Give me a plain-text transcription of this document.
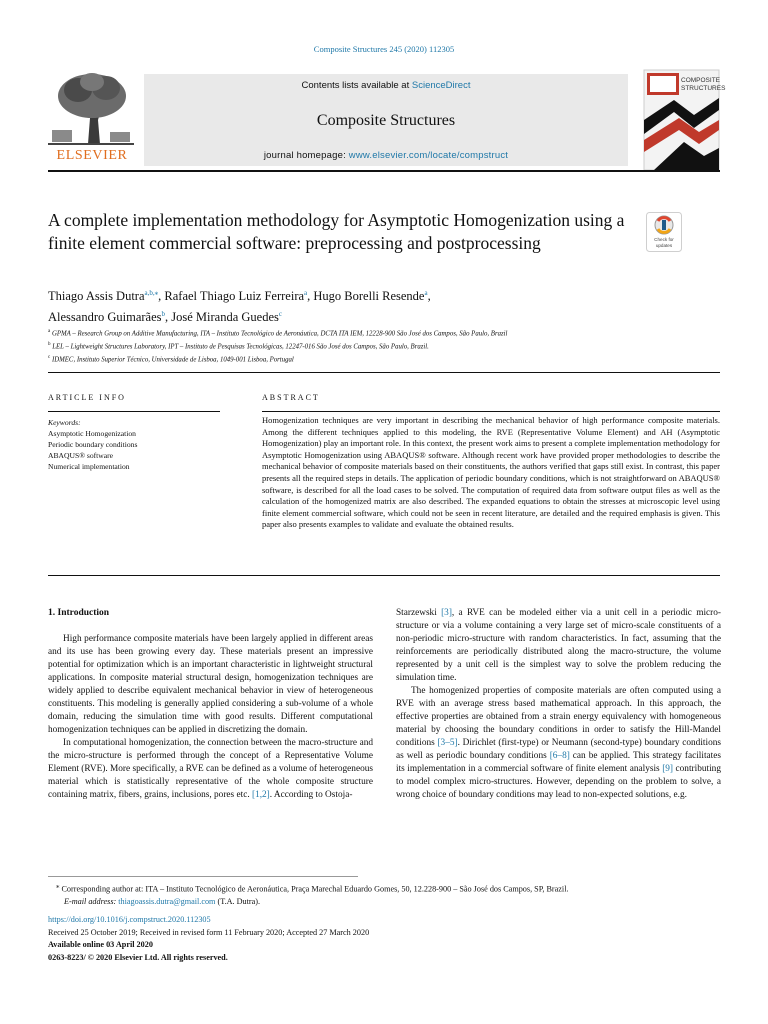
Composite Structures 245 (2020) 112305
ELSEVIER
Contents lists available at ScienceDirect
Composite Structures
journal homepage: www.elsevier.com/locate/compstruct
COMPOSITE
STRUCTURES
A complete implementation methodology for Asymptotic Homogenization using a finite element commercial software: preprocessing and postprocessing	Check for
updates
Thiago Assis Dutra$^{a,b,⁎}$, Rafael Thiago Luiz Ferreira$^a$, Hugo Borelli Resende$^a$,
Alessandro Guimarães$^b$, José Miranda Guedes$^c$
$^a$ GPMA – Research Group on Additive Manufacturing, ITA – Instituto Tecnológico de Aeronáutica, DCTA ITA IEM, 12228-900 São José dos Campos, São Paulo, Brazil
$^b$ LEL – Lightweight Structures Laboratory, IPT – Instituto de Pesquisas Tecnológicas, 12247-016 São José dos Campos, São Paulo, Brazil.
$^c$ IDMEC, Instituto Superior Técnico, Universidade de Lisboa, 1049-001 Lisboa, Portugal
ARTICLE INFO
Keywords:
Asymptotic Homogenization
Periodic boundary conditions
ABAQUS® software
Numerical implementation
ABSTRACT
Homogenization techniques are very important in describing the mechanical behavior of high performance composite materials. Among the different techniques applied to this modeling, the RVE (Representative Volume Element) and AH (Asymptotic Homogenization) play an important role. In this context, the present work aims to present a complete implementation methodology for Asymptotic Homogenization using ABAQUS® software. Although recent work have provided proper methodologies to describe the mechanical behavior of composite materials based on their constituents, the authors verified that gaps still exist. In contrast, this paper presents all the required steps in details. The application of periodic boundary conditions, which is not straightforward on ABAQUS® software, is described for all the load cases to be solved. The computation of required data from software output files as well as the calculation of the homogenized matrix are also described. The expanded equations to obtain the stresses at microscopic level using finite element commercial software, which could not be seen in recent literature, are detailed and the required emphasis is given. This paper also presents examples to validate and evaluate the obtained results.
1. Introduction

High performance composite materials have been largely applied in different areas and its use has been growing every day. These materials present an impressive potential for optimization which is an important characteristic in lightweight structural applications. In composite material structural design, homogenization techniques are widely applied to describe equivalent mechanical behavior in view of heterogeneous constituents. This modeling is generally applied considering a sub-volume of a whole domain, reducing the simulation time with good results. Different computational homogenization techniques can be applied in discretizing the domain.

In computational homogenization, the connection between the macro-structure and the micro-structure is performed through the concept of a Representative Volume Element (RVE). More specifically, a RVE can be defined as a volume of heterogeneous material which is statistically representative of the whole composite structure containing matrix, fibers, grains, inclusions, pores etc. [1,2]. According to Ostoja-

Starzewski [3], a RVE can be modeled either via a unit cell in a periodic micro-structure or via a volume containing a very large set of micro-scale constituents of a non-periodic micro-structure with random characteristics. In fact, assuming that the reinforcements are periodically distributed along the macro-structure, the volume represented by a unit cell is the simplest way to solve the problem reducing the simulation time.

The homogenized properties of composite materials are often computed using a RVE with an average stress based mathematical approach. In this approach, the effective properties are obtained from a strain energy equivalency with homogeneous material by choosing the boundary conditions in order to satisfy the Hill-Mandel conditions [3–5]. Dirichlet (first-type) or Neumann (second-type) boundary conditions as well as periodic boundary conditions [6–8] can be applied. This strategy facilitates its implementation in a commercial software of finite element analysis [9] contributing to model complex micro-structures. However, depending on the problem to solve, a wrong choice of boundary conditions may lead to non-expected solutions, e.g.

⁎ Corresponding author at: ITA – Instituto Tecnológico de Aeronáutica, Praça Marechal Eduardo Gomes, 50, 12.228-900 – São José dos Campos, SP, Brazil.
E-mail address: thiagoassis.dutra@gmail.com (T.A. Dutra).
https://doi.org/10.1016/j.compstruct.2020.112305
Received 25 October 2019; Received in revised form 11 February 2020; Accepted 27 March 2020
Available online 03 April 2020
0263-8223/ © 2020 Elsevier Ltd. All rights reserved.
